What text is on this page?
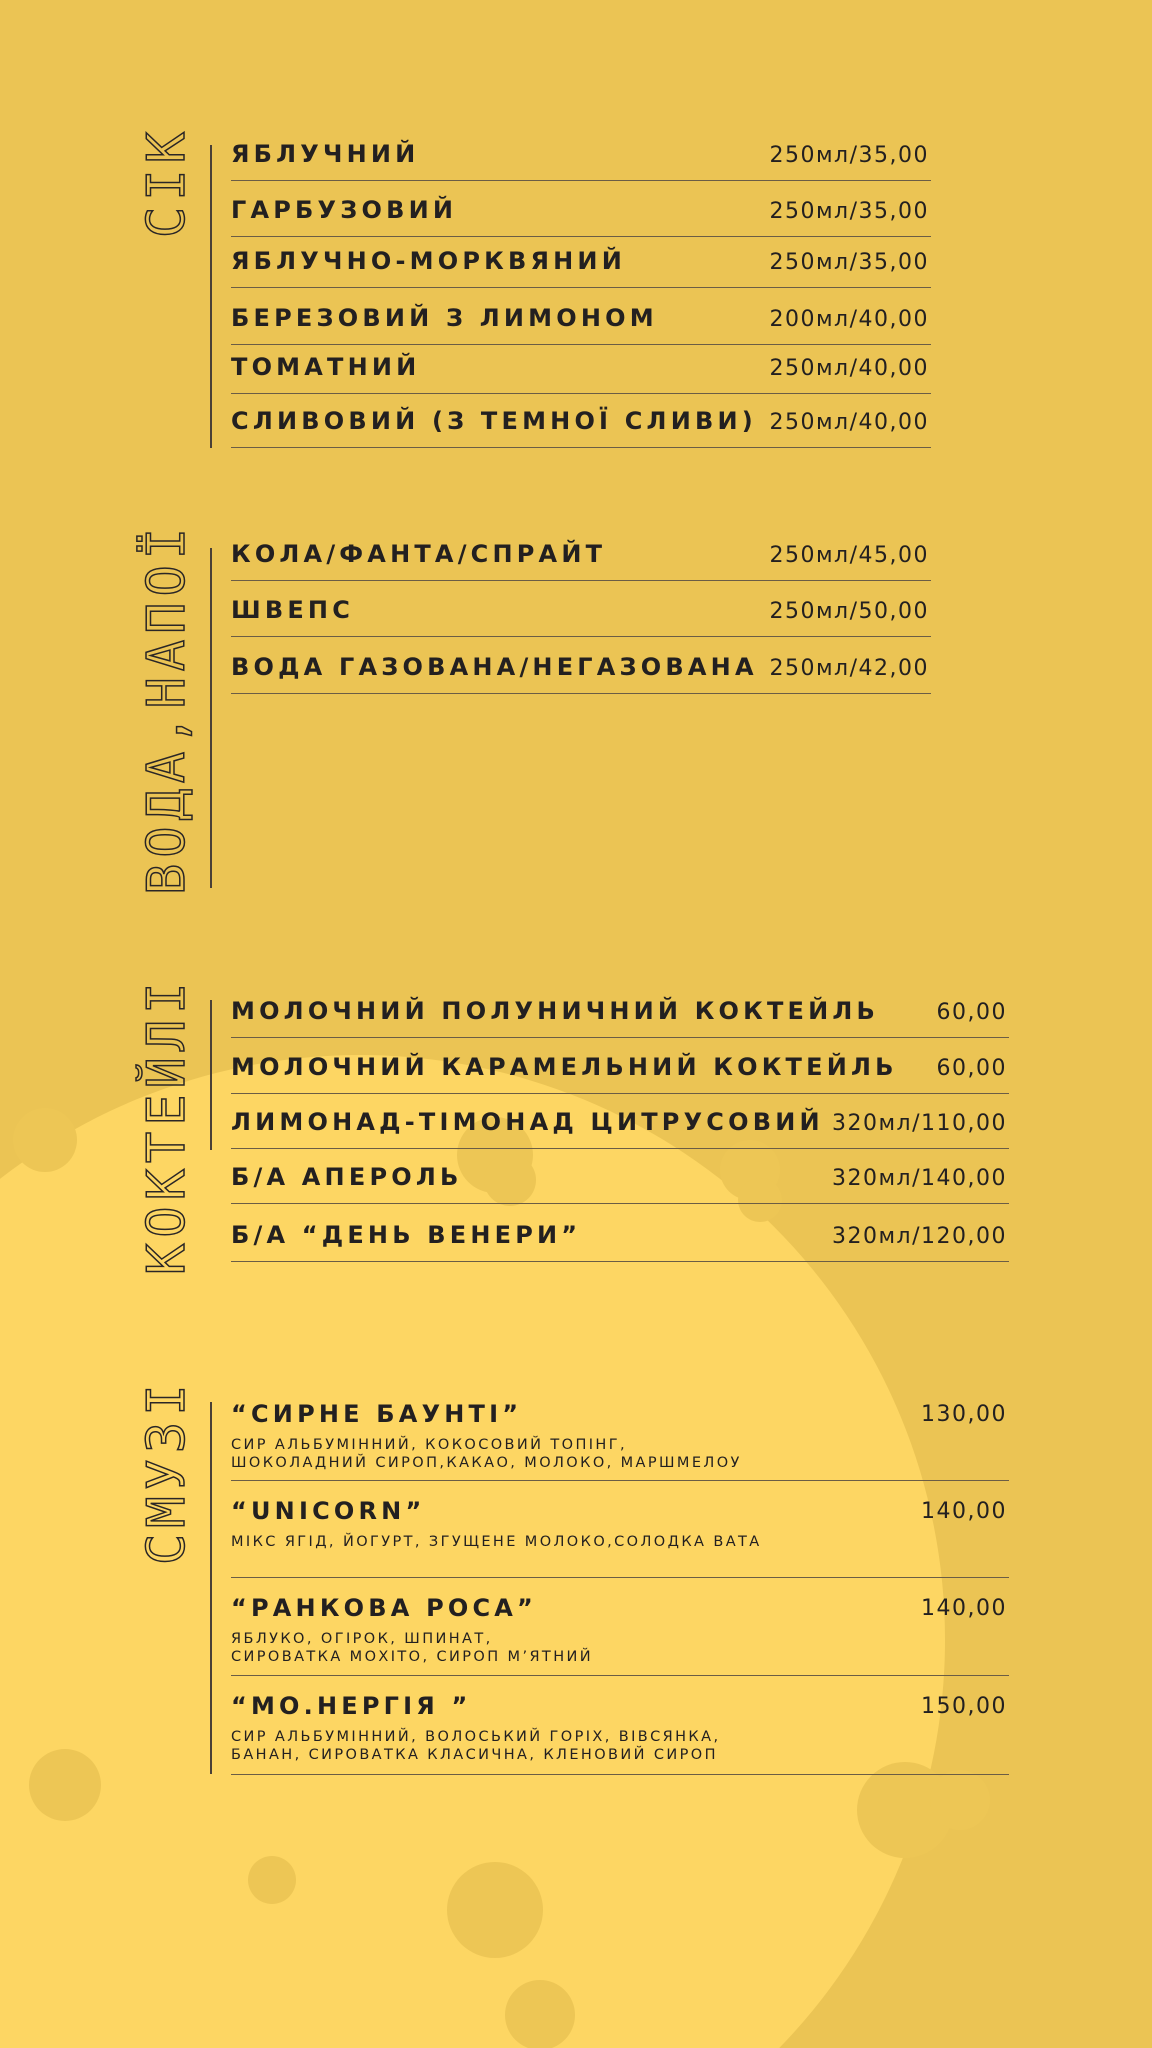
СІК ЯБЛУЧНИЙ	250мл/35,00
ГАРБУЗОВИЙ	250мл/35,00
ЯБЛУЧНО-МОРКВЯНИЙ	250мл/35,00
БЕРЕЗОВИЙ З ЛИМОНОМ	200мл/40,00
ТОМАТНИЙ	250мл/40,00
СЛИВОВИЙ (З ТЕМНОЇ СЛИВИ) 250мл/40,00
ВОДА,НАПОЇ КОЛА/ФАНТА/СПРАЙТ	250мл/45,00
ШВЕПС	250мл/50,00
ВОДА ГАЗОВАНА/НЕГАЗОВАНА 250мл/42,00
КОКТЕЙЛІ МОЛОЧНИЙ ПОЛУНИЧНИЙ КОКТЕЙЛЬ	60,00
МОЛОЧНИЙ КАРАМЕЛЬНИЙ КОКТЕЙЛЬ 60,00
ЛИМОНАД-ТІМОНАД ЦИТРУСОВИЙ 320мл/110,00
Б/А АПЕРОЛЬ	320мл/140,00
Б/А “ДЕНЬ ВЕНЕРИ”	320мл/120,00
СМУЗІ “СИРНЕ БАУНТІ”	130,00
СИР АЛЬБУМІННИЙ, КОКОСОВИЙ ТОПІНГ,
ШОКОЛАДНИЙ СИРОП,КАКАО, МОЛОКО, МАРШМЕЛОУ
“UNICORN”	140,00
МІКС ЯГІД, ЙОГУРТ, ЗГУЩЕНЕ МОЛОКО,СОЛОДКА ВАТА
“РАНКОВА РОСА”	140,00
ЯБЛУКО, ОГІРОК, ШПИНАТ,
СИРОВАТКА МОХІТО, СИРОП М’ЯТНИЙ
“МО.НЕРГІЯ ”	150,00
СИР АЛЬБУМІННИЙ, ВОЛОСЬКИЙ ГОРІХ, ВІВСЯНКА,
БАНАН, СИРОВАТКА КЛАСИЧНА, КЛЕНОВИЙ СИРОП
